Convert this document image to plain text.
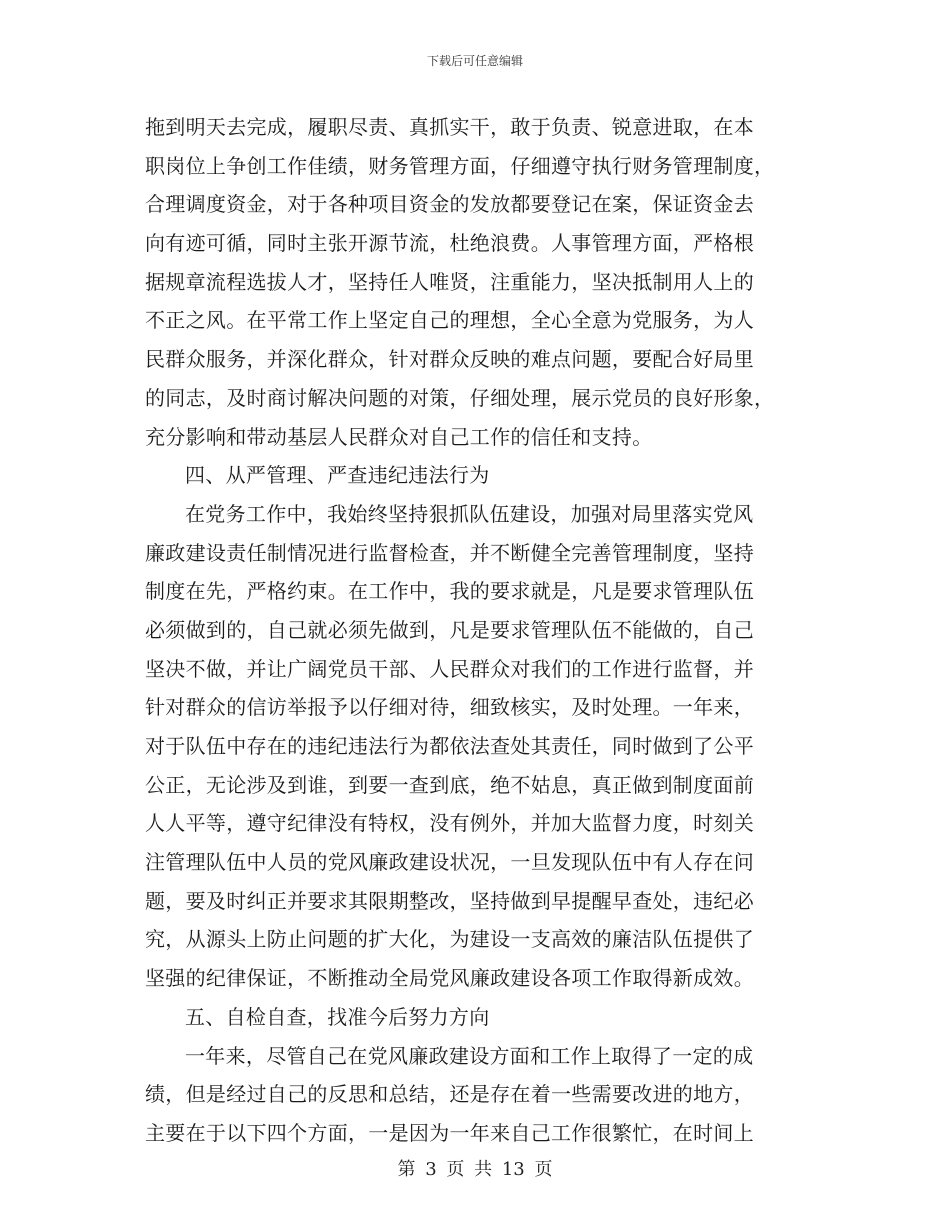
下载后可任意编辑
拖到明天去完成，履职尽责、真抓实干，敢于负责、锐意进取，在本
职岗位上争创工作佳绩，财务管理方面，仔细遵守执行财务管理制度，
合理调度资金，对于各种项目资金的发放都要登记在案，保证资金去
向有迹可循，同时主张开源节流，杜绝浪费。人事管理方面，严格根
据规章流程选拔人才，坚持任人唯贤，注重能力，坚决抵制用人上的
不正之风。在平常工作上坚定自己的理想，全心全意为党服务，为人
民群众服务，并深化群众，针对群众反映的难点问题，要配合好局里
的同志，及时商讨解决问题的对策，仔细处理，展示党员的良好形象，
充分影响和带动基层人民群众对自己工作的信任和支持。
四、从严管理、严查违纪违法行为
在党务工作中，我始终坚持狠抓队伍建设，加强对局里落实党风
廉政建设责任制情况进行监督检查，并不断健全完善管理制度，坚持
制度在先，严格约束。在工作中，我的要求就是，凡是要求管理队伍
必须做到的，自己就必须先做到，凡是要求管理队伍不能做的，自己
坚决不做，并让广阔党员干部、人民群众对我们的工作进行监督，并
针对群众的信访举报予以仔细对待，细致核实，及时处理。一年来，
对于队伍中存在的违纪违法行为都依法查处其责任，同时做到了公平
公正，无论涉及到谁，到要一查到底，绝不姑息，真正做到制度面前
人人平等，遵守纪律没有特权，没有例外，并加大监督力度，时刻关
注管理队伍中人员的党风廉政建设状况，一旦发现队伍中有人存在问
题，要及时纠正并要求其限期整改，坚持做到早提醒早查处，违纪必
究，从源头上防止问题的扩大化，为建设一支高效的廉洁队伍提供了
坚强的纪律保证，不断推动全局党风廉政建设各项工作取得新成效。
五、自检自查，找准今后努力方向
一年来，尽管自己在党风廉政建设方面和工作上取得了一定的成
绩，但是经过自己的反思和总结，还是存在着一些需要改进的地方，
主要在于以下四个方面，一是因为一年来自己工作很繁忙，在时间上
第 3 页 共 13 页
